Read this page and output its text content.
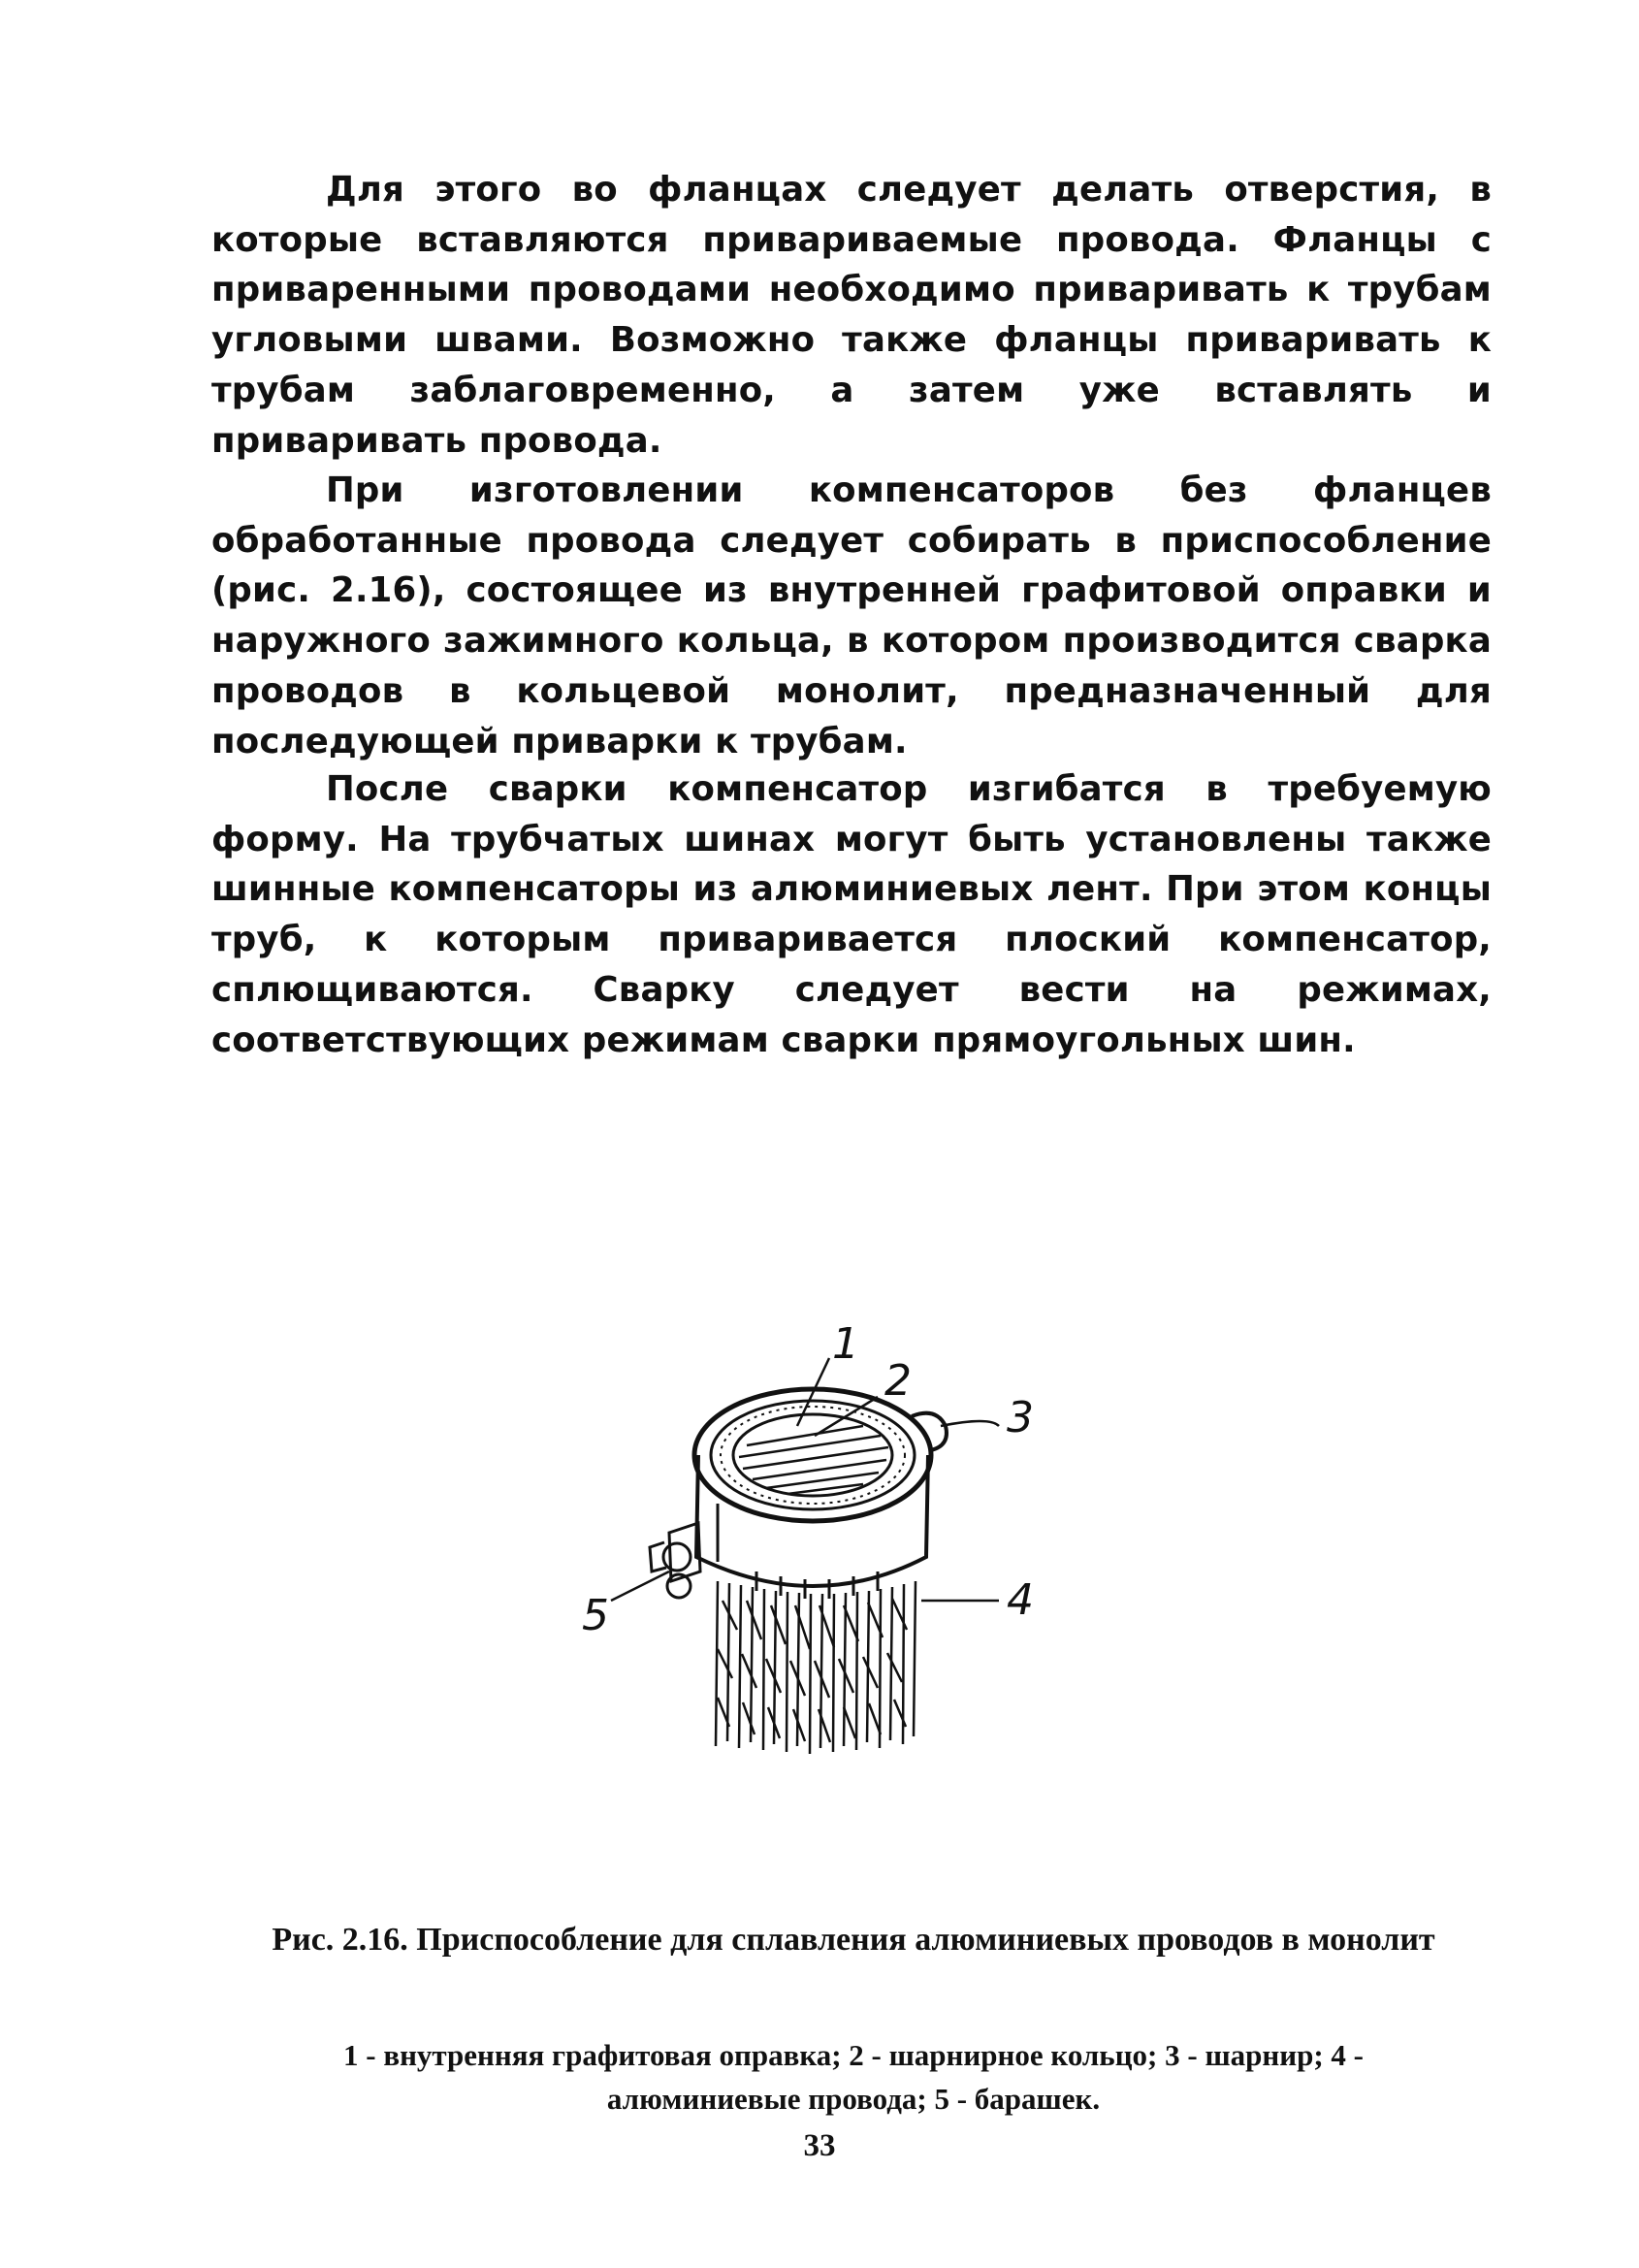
Для этого во фланцах следует делать отверстия, в которые вставляются привариваемые провода. Фланцы с приваренными проводами необходимо приваривать к трубам угловыми швами. Возможно также фланцы приваривать к трубам заблаговременно, а затем уже вставлять и приваривать провода.

При изготовлении компенсаторов без фланцев обработанные провода следует собирать в приспособление (рис. 2.16), состоящее из внутренней графитовой оправки и наружного зажимного кольца, в котором производится сварка проводов в кольцевой монолит, предназначенный для последующей приварки к трубам.

После сварки компенсатор изгибатся в требуемую форму. На трубчатых шинах могут быть установлены также шинные компенсаторы из алюминиевых лент. При этом концы труб, к которым приваривается плоский компенсатор, сплющиваются. Сварку следует вести на режимах, соответствующих режимам сварки прямоугольных шин.

1
2
3
4
5
Рис. 2.16. Приспособление для сплавления алюминиевых проводов в монолит
1 - внутренняя графитовая оправка; 2 - шарнирное кольцо; 3 - шарнир; 4 - алюминиевые провода; 5 - барашек.
33
